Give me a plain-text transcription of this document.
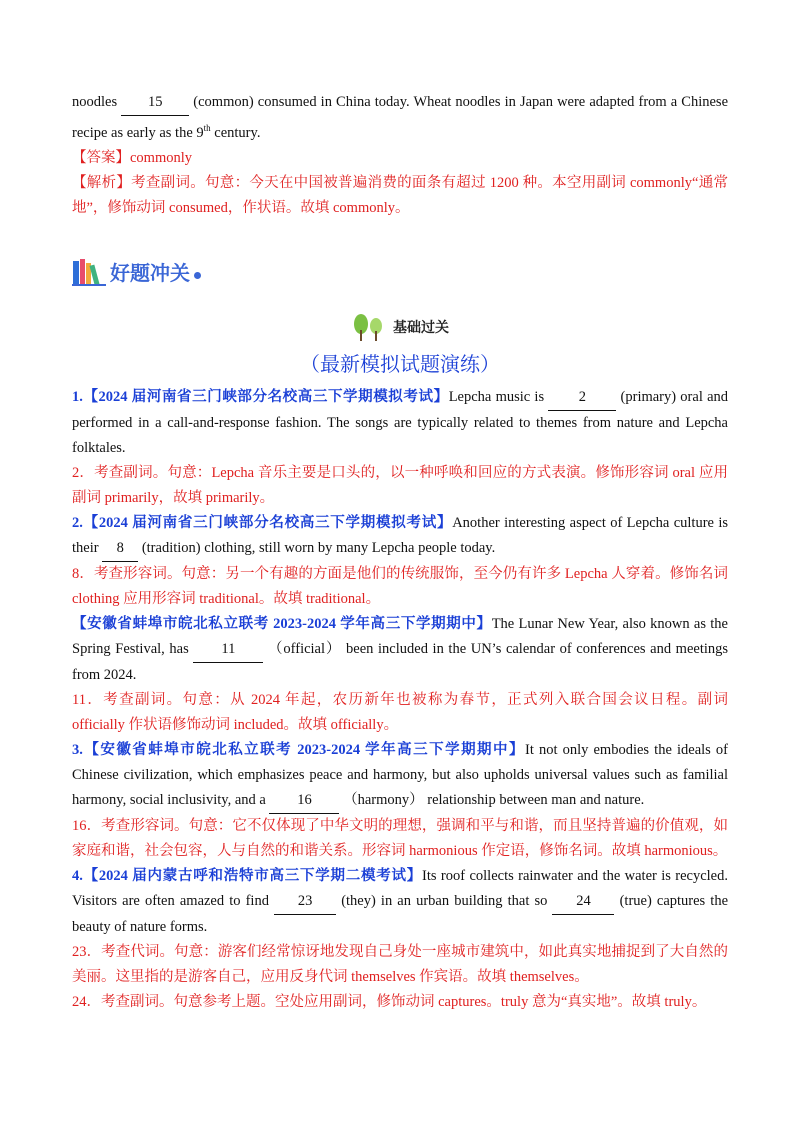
noodles 15 (common) consumed in China today. Wheat noodles in Japan were adapted from a Chinese recipe as early as the 9th century.

【答案】commonly

【解析】考查副词。句意：今天在中国被普遍消费的面条有超过 1200 种。本空用副词 commonly“通常地”，修饰动词 consumed，作状语。故填 commonly。

好题冲关
基础过关
（最新模拟试题演练）

1.【2024 届河南省三门峡部分名校高三下学期模拟考试】Lepcha music is 2 (primary) oral and performed in a call-and-response fashion. The songs are typically related to themes from nature and Lepcha folktales.

2．考查副词。句意：Lepcha 音乐主要是口头的，以一种呼唤和回应的方式表演。修饰形容词 oral 应用副词 primarily，故填 primarily。

2.【2024 届河南省三门峡部分名校高三下学期模拟考试】Another interesting aspect of Lepcha culture is their 8 (tradition) clothing, still worn by many Lepcha people today.

8．考查形容词。句意：另一个有趣的方面是他们的传统服饰，至今仍有许多 Lepcha 人穿着。修饰名词 clothing 应用形容词 traditional。故填 traditional。

【安徽省蚌埠市皖北私立联考 2023-2024 学年高三下学期期中】The Lunar New Year, also known as the Spring Festival, has 11 （official） been included in the UN’s calendar of conferences and meetings from 2024.

11．考查副词。句意：从 2024 年起，农历新年也被称为春节，正式列入联合国会议日程。副词 officially 作状语修饰动词 included。故填 officially。

3.【安徽省蚌埠市皖北私立联考 2023-2024 学年高三下学期期中】It not only embodies the ideals of Chinese civilization, which emphasizes peace and harmony, but also upholds universal values such as familial harmony, social inclusivity, and a 16 （harmony） relationship between man and nature.

16．考查形容词。句意：它不仅体现了中华文明的理想，强调和平与和谐，而且坚持普遍的价值观，如家庭和谐，社会包容，人与自然的和谐关系。形容词 harmonious 作定语，修饰名词。故填 harmonious。

4.【2024 届内蒙古呼和浩特市高三下学期二模考试】Its roof collects rainwater and the water is recycled. Visitors are often amazed to find 23 (they) in an urban building that so 24 (true) captures the beauty of nature forms.

23．考查代词。句意：游客们经常惊讶地发现自己身处一座城市建筑中，如此真实地捕捉到了大自然的美丽。这里指的是游客自己，应用反身代词 themselves 作宾语。故填 themselves。

24．考查副词。句意参考上题。空处应用副词，修饰动词 captures。truly 意为“真实地”。故填 truly。
